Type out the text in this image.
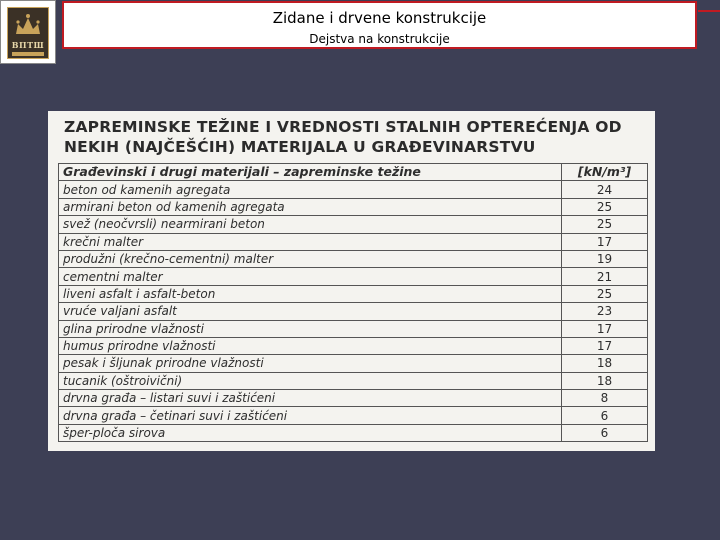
ВПТШ
Zidane i drvene konstrukcije
Dejstva na konstrukcije
ZAPREMINSKE TEŽINE I VREDNOSTI STALNIH OPTEREĆENJA OD
NEKIH (NAJČEŠĆIH) MATERIJALA U GRAĐEVINARSTVU
Građevinski i drugi materijali – zapreminske težine	[kN/m³]
beton od kamenih agregata	24
armirani beton od kamenih agregata	25
svež (neočvrsli) nearmirani beton	25
krečni malter	17
produžni (krečno-cementni) malter	19
cementni malter	21
liveni asfalt i asfalt-beton	25
vruće valjani asfalt	23
glina prirodne vlažnosti	17
humus prirodne vlažnosti	17
pesak i šljunak prirodne vlažnosti	18
tucanik (oštroivični)	18
drvna građa – listari suvi i zaštićeni	8
drvna građa – četinari suvi i zaštićeni	6
šper-ploča sirova	6
